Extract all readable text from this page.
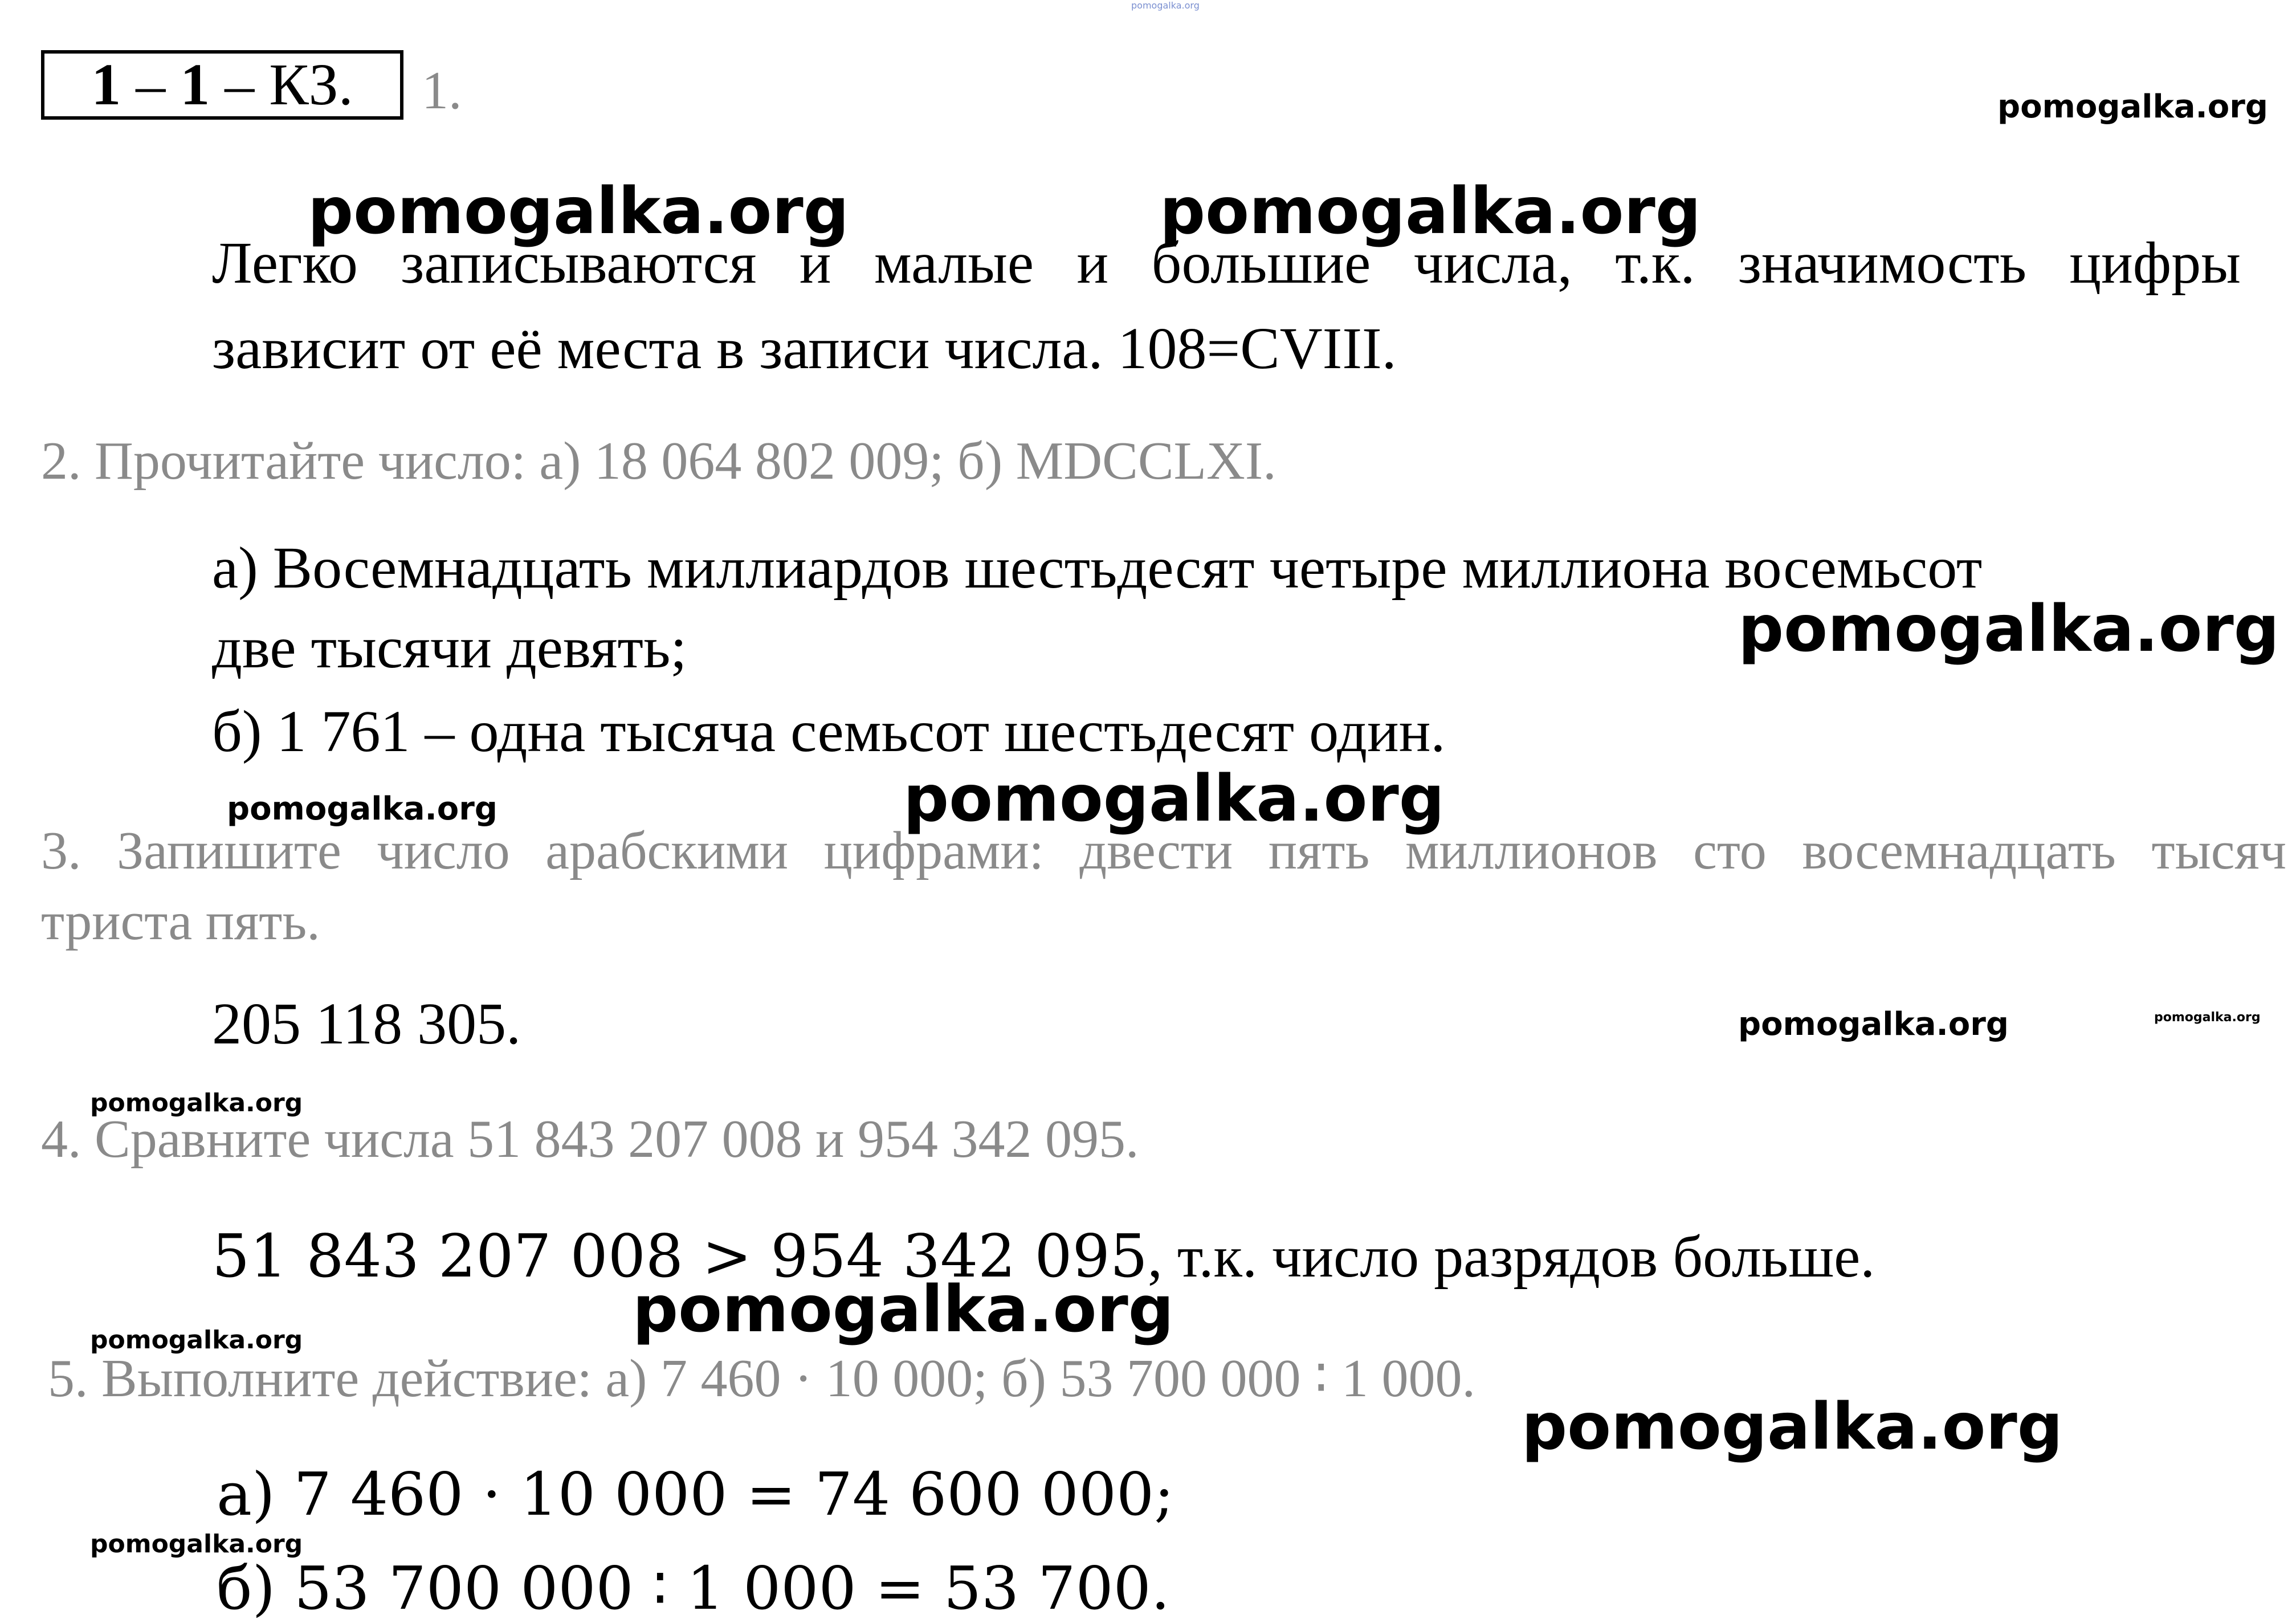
1 – 1 – КЗ. 1.
Легко записываются и малые и большие числа, т.к. значимость цифры
зависит от её места в записи числа. 108=CVIII.
2. Прочитайте число: а) 18 064 802 009; б) MDCCLXI.
а) Восемнадцать миллиардов шестьдесят четыре миллиона восемьсот
две тысячи девять;
б) 1 761 – одна тысяча семьсот шестьдесят один.
3. Запишите число арабскими цифрами: двести пять миллионов сто восемнадцать тысяч
триста пять.
205 118 305.
4. Сравните числа 51 843 207 008 и 954 342 095.
51 843 207 008 > 954 342 095, т.к. число разрядов больше.
5. Выполните действие: а) 7 460 · 10 000; б) 53 700 000 ∶ 1 000.
а) 7 460 · 10 000 = 74 600 000;
б) 53 700 000 ∶ 1 000 = 53 700.
pomogalka.org
pomogalka.org
pomogalka.org	pomogalka.org
pomogalka.org
pomogalka.org
pomogalka.org
pomogalka.org	pomogalka.org
pomogalka.org
pomogalka.org
pomogalka.org
pomogalka.org
pomogalka.org
